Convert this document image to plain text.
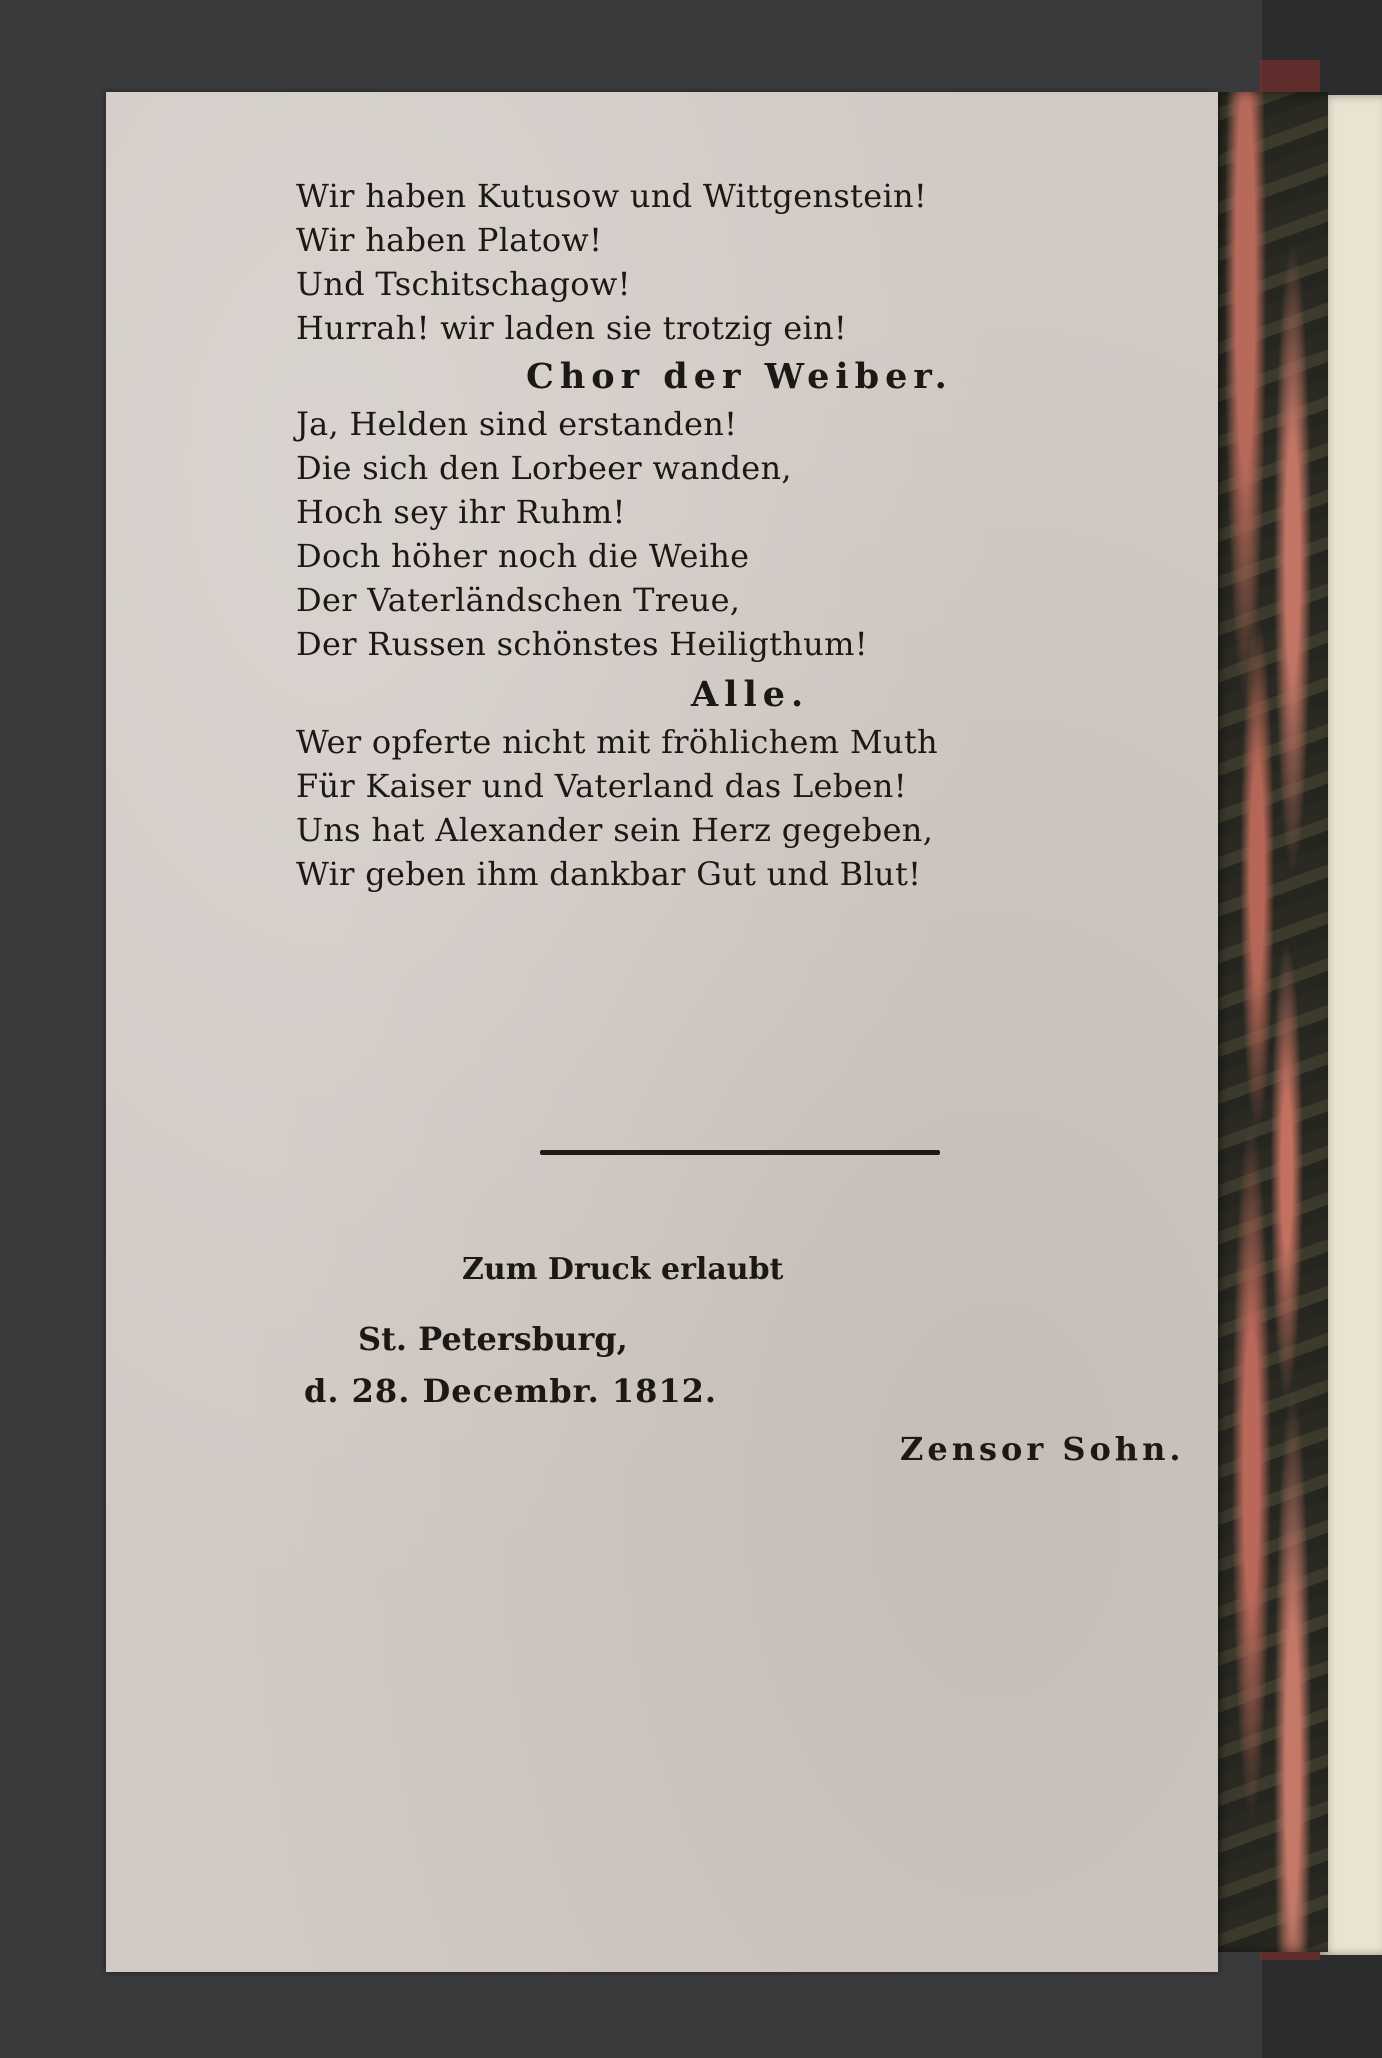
Wir haben Kutusow und Wittgenstein!
Wir haben Platow!
Und Tschitschagow!
Hurrah! wir laden sie trotzig ein!
Chor der Weiber.
Ja, Helden sind erstanden!
Die sich den Lorbeer wanden,
Hoch sey ihr Ruhm!
Doch höher noch die Weihe
Der Vaterländschen Treue,
Der Russen schönstes Heiligthum!
Alle.
Wer opferte nicht mit fröhlichem Muth
Für Kaiser und Vaterland das Leben!
Uns hat Alexander sein Herz gegeben,
Wir geben ihm dankbar Gut und Blut!
Zum Druck erlaubt
St. Petersburg,
d. 28. Decembr. 1812.
Zensor Sohn.
